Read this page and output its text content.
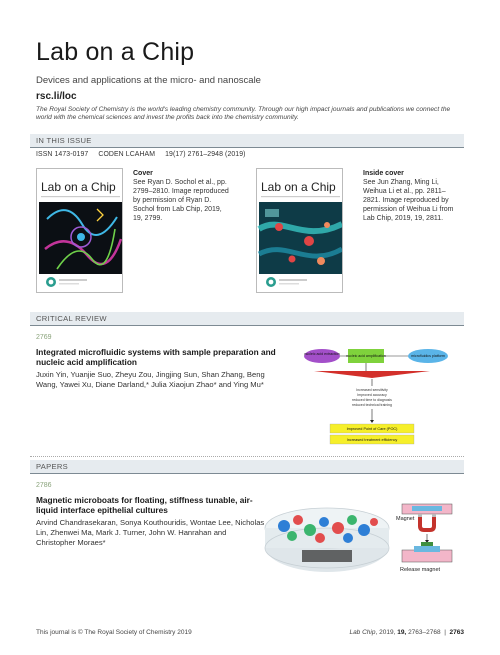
Lab on a Chip
Devices and applications at the micro- and nanoscale
rsc.li/loc
The Royal Society of Chemistry is the world's leading chemistry community. Through our high impact journals and publications we connect the world with the chemical sciences and invest the profits back into the chemistry community.
IN THIS ISSUE
ISSN 1473-0197 CODEN LCAHAM 19(17) 2761–2948 (2019)
Lab on a Chip
Cover
See Ryan D. Sochol et al., pp. 2799–2810. Image reproduced by permission of Ryan D. Sochol from Lab Chip, 2019, 19, 2799.
Lab on a Chip
Inside cover
See Jun Zhang, Ming Li, Weihua Li et al., pp. 2811–2821. Image reproduced by permission of Weihua Li from Lab Chip, 2019, 19, 2811.
CRITICAL REVIEW
2769
Integrated microfluidic systems with sample preparation and nucleic acid amplification
Juxin Yin, Yuanjie Suo, Zheyu Zou, Jingjing Sun, Shan Zhang, Beng Wang, Yawei Xu, Diane Darland,* Julia Xiaojun Zhao* and Ying Mu*
nucleic acid extraction nucleic acid amplification	microfluidics platform
Increased sensitivity
Improved accuracy
reduced time to diagnosis
reduced technical training
Improved Point of Care (POC)
Increased treatment efficiency
PAPERS
2786
Magnetic microboats for floating, stiffness tunable, air-liquid interface epithelial cultures
Arvind Chandrasekaran, Sonya Kouthouridis, Wontae Lee, Nicholas Lin, Zhenwei Ma, Mark J. Turner, John W. Hanrahan and Christopher Moraes*
Magnet
Release magnet
This journal is © The Royal Society of Chemistry 2019	Lab Chip, 2019, 19, 2763–2768  |  2763
